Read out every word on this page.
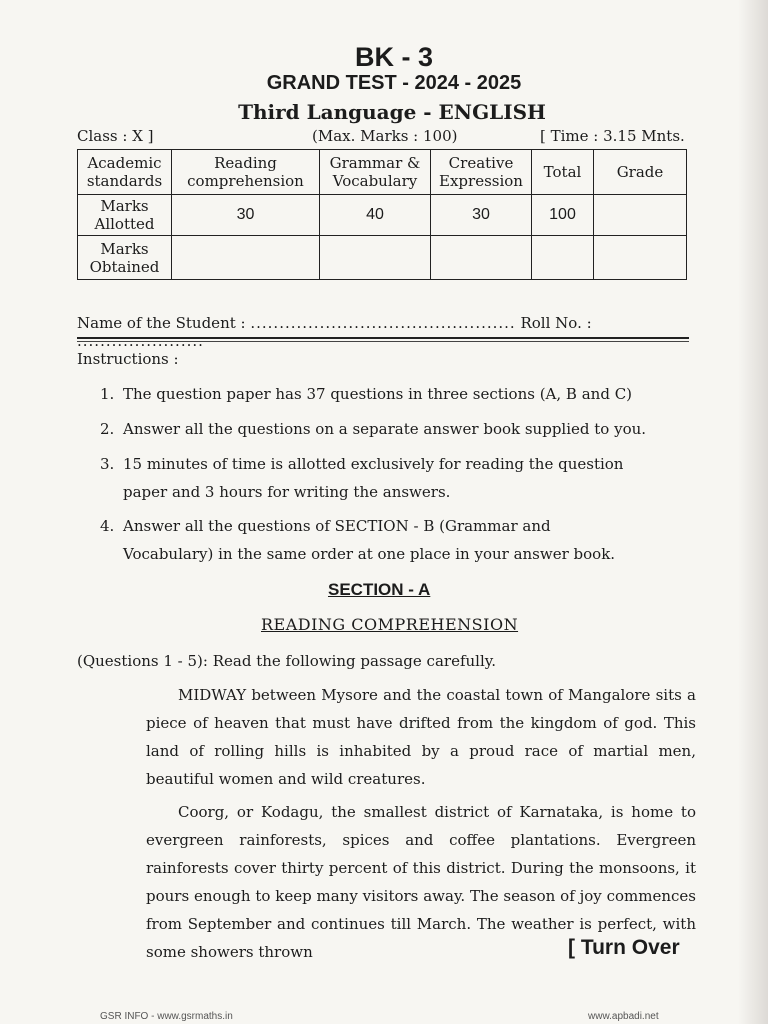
BK - 3
GRAND TEST - 2024 - 2025
Third Language - ENGLISH
Class : X ]	(Max. Marks : 100)	[ Time : 3.15 Mnts.
Academic standards	Reading comprehension	Grammar & Vocabulary	Creative Expression	Total	Grade
Marks Allotted	30	40	30	100	
Marks Obtained					
Name of the Student : .............................................. Roll No. :
Instructions :
1. The question paper has 37 questions in three sections (A, B and C)
2. Answer all the questions on a separate answer book supplied to you.
3. 15 minutes of time is allotted exclusively for reading the question paper and 3 hours for writing the answers.
4. Answer all the questions of SECTION - B (Grammar and Vocabulary) in the same order at one place in your answer book.
SECTION - A
READING COMPREHENSION
(Questions 1 - 5): Read the following passage carefully.
MIDWAY between Mysore and the coastal town of Mangalore sits a piece of heaven that must have drifted from the kingdom of god. This land of rolling hills is inhabited by a proud race of martial men, beautiful women and wild creatures.
Coorg, or Kodagu, the smallest district of Karnataka, is home to evergreen rainforests, spices and coffee plantations. Evergreen rainforests cover thirty percent of this district. During the monsoons, it pours enough to keep many visitors away. The season of joy commences from September and continues till March. The weather is perfect, with some showers thrown	[ Turn Over
GSR INFO - www.gsrmaths.in	www.apbadi.net
